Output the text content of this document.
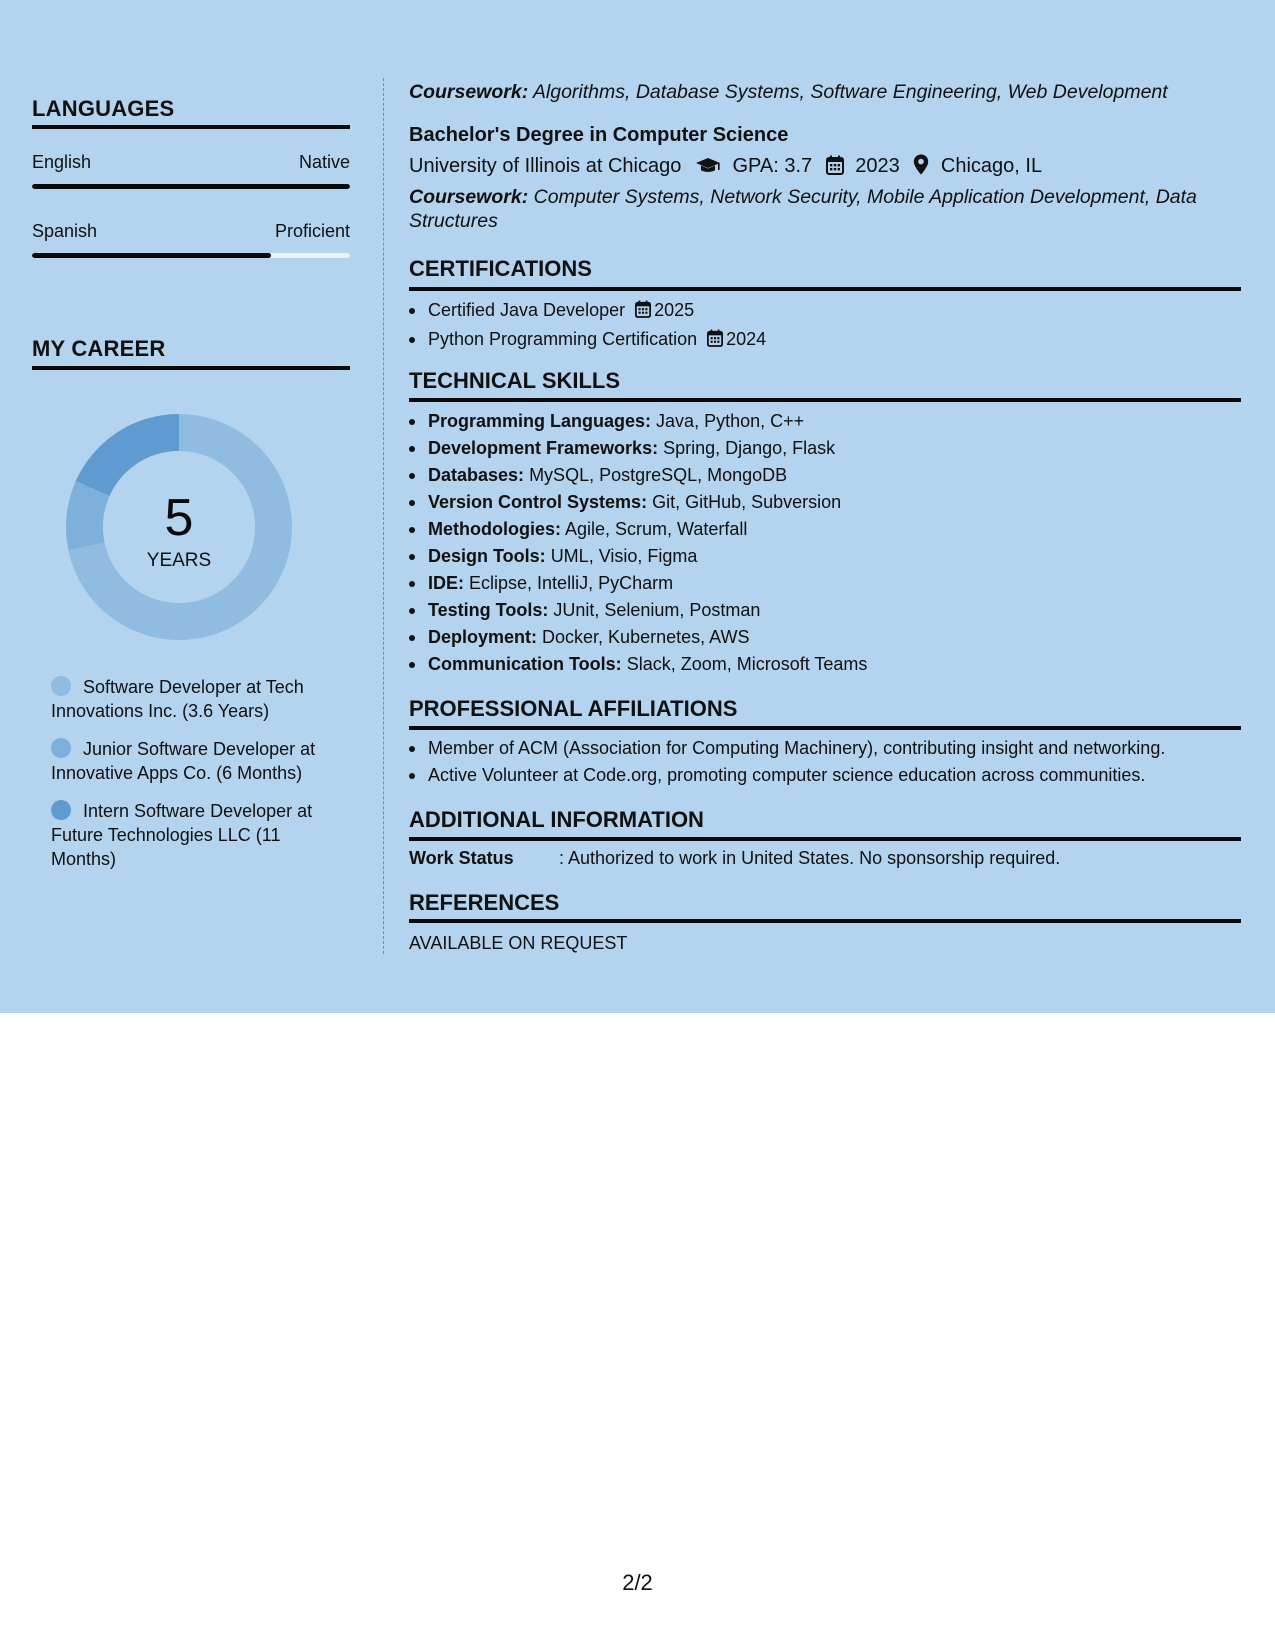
LANGUAGES
English	Native
Spanish	Proficient
MY CAREER
5
YEARS
Software Developer at Tech Innovations Inc. (3.6 Years)
Junior Software Developer at Innovative Apps Co. (6 Months)
Intern Software Developer at Future Technologies LLC (11 Months)
Coursework: Algorithms, Database Systems, Software Engineering, Web Development
Bachelor's Degree in Computer Science
University of Illinois at Chicago	GPA: 3.7 2023 Chicago, IL
Coursework: Computer Systems, Network Security, Mobile Application Development, Data Structures
CERTIFICATIONS
Certified Java Developer 2025
Python Programming Certification 2024
TECHNICAL SKILLS
Programming Languages: Java, Python, C++
Development Frameworks: Spring, Django, Flask
Databases: MySQL, PostgreSQL, MongoDB
Version Control Systems: Git, GitHub, Subversion
Methodologies: Agile, Scrum, Waterfall
Design Tools: UML, Visio, Figma
IDE: Eclipse, IntelliJ, PyCharm
Testing Tools: JUnit, Selenium, Postman
Deployment: Docker, Kubernetes, AWS
Communication Tools: Slack, Zoom, Microsoft Teams
PROFESSIONAL AFFILIATIONS
Member of ACM (Association for Computing Machinery), contributing insight and networking.
Active Volunteer at Code.org, promoting computer science education across communities.
ADDITIONAL INFORMATION
Work Status	: Authorized to work in United States. No sponsorship required.
REFERENCES
AVAILABLE ON REQUEST
2/2
